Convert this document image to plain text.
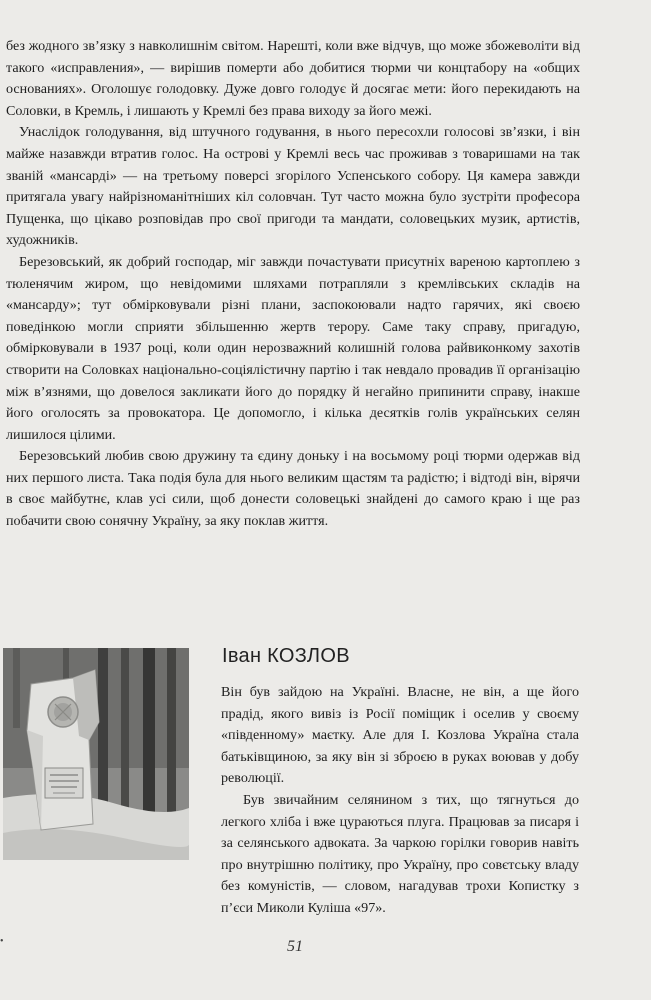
без жодного зв’язку з навколишнім світом. Нарешті, коли вже відчув, що може збожеволіти від такого «исправления», — вирішив померти або добитися тюрми чи концтабору на «общих основаниях». Оголошує голодовку. Дуже довго голодує й досягає мети: його перекидають на Соловки, в Кремль, і лишають у Кремлі без права виходу за його межі.

Унаслідок голодування, від штучного годування, в нього пересохли голосові зв’язки, і він майже назавжди втратив голос. На острові у Кремлі весь час проживав з товаришами на так званій «мансарді» — на третьому поверсі згорілого Успенського собору. Ця камера завжди притягала увагу найрізноманітніших кіл соловчан. Тут часто можна було зустріти професора Пущенка, що цікаво розповідав про свої пригоди та мандати, соловецьких музик, артистів, художників.

Березовський, як добрий господар, міг завжди почастувати присутніх вареною картоплею з тюленячим жиром, що невідомими шляхами потрапляли з кремлівських складів на «мансарду»; тут обмірковували різні плани, заспокоювали надто гарячих, які своєю поведінкою могли сприяти збільшенню жертв терору. Саме таку справу, пригадую, обмірковували в 1937 році, коли один нерозважний колишній голова райвиконкому захотів створити на Соловках національно-соціялістичну партію і так невдало провадив її організацію між в’язнями, що довелося закликати його до порядку й негайно припинити справу, інакше його оголосять за провокатора. Це допомогло, і кілька десятків голів українських селян лишилося цілими.

Березовський любив свою дружину та єдину доньку і на восьмому році тюрми одержав від них першого листа. Така подія була для нього великим щастям та радістю; і відтоді він, вірячи в своє майбутнє, клав усі сили, щоб донести соловецькі знайдені до самого краю і ще раз побачити свою сонячну Україну, за яку поклав життя.

Іван КОЗЛОВ

Він був зайдою на Україні. Власне, не він, а ще його прадід, якого вивіз із Росії поміщик і оселив у своєму «південному» маєтку. Але для І. Козлова Україна стала батьківщиною, за яку він зі зброєю в руках воював у добу революції.

Був звичайним селянином з тих, що тягнуться до легкого хліба і вже цураються плуга. Працював за писаря і за селянського адвоката. За чаркою горілки говорив навіть про внутрішню політику, про Україну, про совєтську владу без комуністів, — словом, нагадував трохи Копистку з п’єси Миколи Куліша «97».

•	51
